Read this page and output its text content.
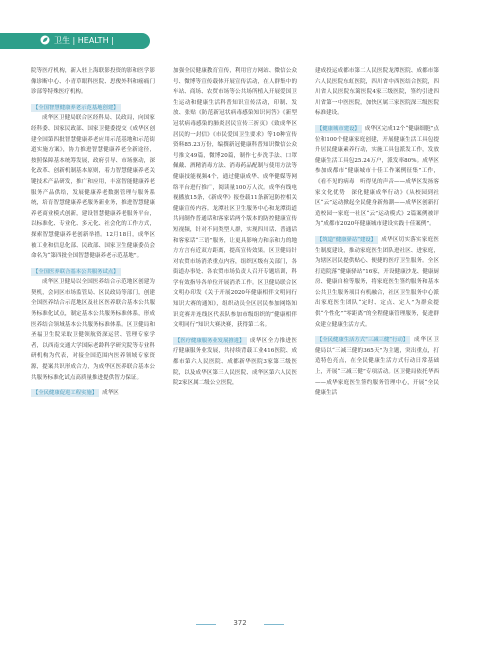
卫生 | HEALTH |

院等医疗机构，新入驻上海联影投资的影和医学影像诊断中心、小青草眼科医院、思俊外科和癌痛门诊部等特殊医疗机构。

【全国智慧健康养老示范基地创建】

成华区卫健局联合区经科局、民政局，向国家经科委、国家民政部、国家卫健委提交《成华区创建全国第四批智慧健康养老应用示范基地和示范街道实施方案》，协力推进智慧健康养老全新途径，按照保障基本统筹发展，政府引导、市场驱动，深化改革、创新机制基本原则，着力智慧健康养老关键技术产品研发，推广和应用，丰富智能健康养老服务产品供给，发展健康养老数据管理与服务系统，培育智慧健康养老服务新业务，推进智慧健康养老商业模式创新，建设智慧健康养老服务平台，以标准化、专业化、多元化、社会化的工作方式，探索智慧健康养老创新举措。12月18日，成华区被工业和信息化部、民政部、国家卫生健康委员会命名为“第四批全国智慧健康养老示范基地”。

【全国医养联合基本公共服务试点】

成华区卫健局以全国医养结合示范地区创建为契机，会同区市场监管局、区民政局等部门，创建全国医养结合示范地区及社区医养联合基本公共服务标准化试点，制定基本公共服务标准体系，形成医养结合领域基本公共服务标准体系。区卫健局和圣福卫生院采取卫健领航资深运营、管理专家学者，以西南交通大学国际老龄科学研究院等专业科研机构为代表，对接全国范围内医养领域专家资源，提案共识形成合力，为成华区医养联合基本公共服务标准化试点高质量推进提供智力保证。

【全民健康促进工程实施】 成华区

加强全民健康教育宣传，利用官方网站、微信公众号、微博等宣传载体开展宣传活动，在人群集中的车站、商场、农贸市场等公共场所植入开展爱国卫生运动和健康生活科普知识宣传活动，印制、发放、张贴《防范新冠状病毒感染知识问答》《新型冠状病毒感染的肺炎居民宣传三折页》《致成华区居民的一封信》《市民爱国卫生要求》等10种宣传资料85.23万份，编撰新冠健康科普知识微信公众号推文49篇，微博20篇，制作七步洗手法、口罩佩戴、酒精消毒方法、消毒药品配制与使用方法等健康技能视频4个，通过健康成华、成华健媒等网络平台进行推广，阅读量100万人次。成华有线电视播放15条，《新成华》报登载11条新冠防控相关健康宣传内容。龙潭社区卫生服务中心和龙潭街道共同制作普通话和客家话两个版本的防控健康宣传短视频，针对不同类型人群，实现四川话、普通话和客家话“三语”服务，让更具影响力和亲和力的地方方言有近双方距离，提高宣传效果。区卫健局针对农贸市场消杀重点内容，组织区级有关部门，各街道办事处、各农贸市场负责人召开专题培训，科学有效指导各单位开展消杀工作。区卫健局联合区文明办印发《关于开展2020年健康相伴文明同行知识大赛的通知》，组织动员全区居民参加网络知识竞赛并连线区代表队参加市级组织的“健康相伴文明同行”知识大赛决赛，获得第二名。

【医疗健康服务业发展推进】 成华区全力推进医疗健康服务业发展，共持续背载工业416医院、成都市第六人民医院、成都新华医院3家第三级医院，以及成华区第三人民医院、成华区第六人民医院2家区属二级公立医院，

建成投运成都市第二人民医院龙潭医院、成都市第六人民医院东虹医院，四川省中西医结合医院，四川省人民医院东篱医院4家三级医院，签约引进四川省第一中医医院，加快区属三家医院深三级医院标准建设。

【健康城市建设】 成华区完成12个“健康细胞”点位和100个健康家庭创建，开展健康生活工具包提升居民健康素养行动，实施工具包派发工作，发放健康生活工具包25.24万户，派发率80%。成华区参加成都市“健康城市十佳工作案例征集”工作，《看不见的病毒　听得见的声音——成华区发扬客家文化优势　深化健康成华行动》《从校园到社区“云”运动掀起全民健身新热潮——成华区创新打造校园一家庭一社区“云”运动模式》2篇案例被评为“成都市2020年健康城市建设实践十佳案例”。

【筑造“健康驿站”建设】 成华区切实落实家庭医生制度建设，推动家庭医生团队进社区、进家庭，为辖区居民提供贴心、便捷的医疗卫生服务。全区打造院落“健康驿站”16家，开设健康沙龙、健康厨房、健康自检等服务，将家庭医生签约服务和基本公共卫生服务项目有机融合，社区卫生服务中心派出家庭医生团队“定时、定点、定人”为群众提供“个性化”“零距离”的全程健康管理服务，促进群众建立健康生活方式。

【全民健康生活方式“三减三健”行动】 成华区卫健局以“三减三健的365天”为主题，突出重点，打造特色亮点，在全民健康生活方式行动日常基础上，开展“三减三健”专项活动。区卫健局依托华西——成华家庭医生签约服务管理中心，开展“全民健康生活

372
